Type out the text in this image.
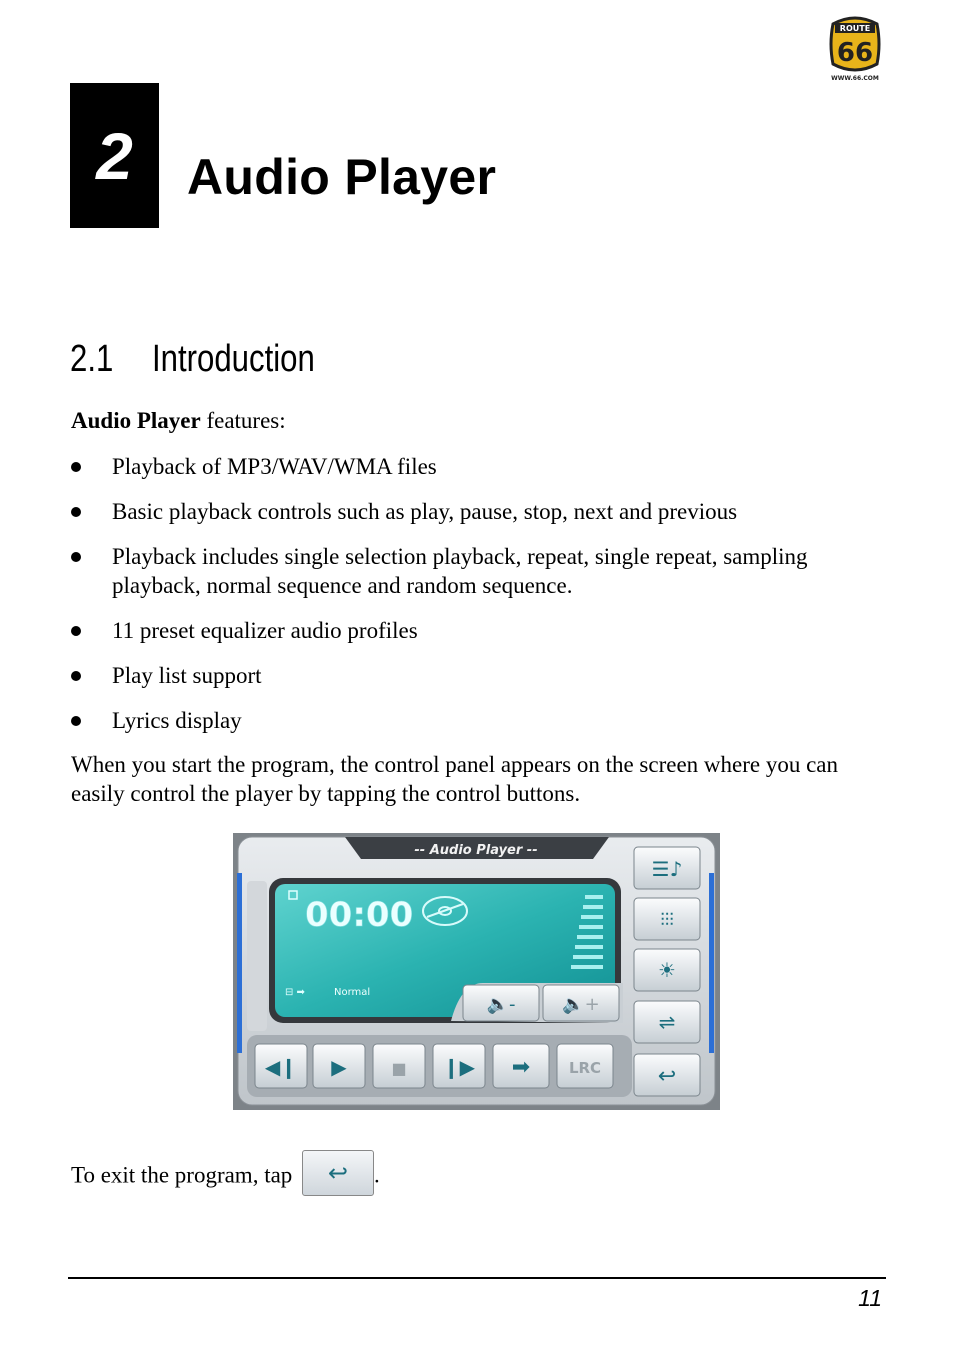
ROUTE
66
WWW.66.COM
2	Audio Player
2.1 Introduction
Audio Player features:
Playback of MP3/WAV/WMA files
Basic playback controls such as play, pause, stop, next and previous
Playback includes single selection playback, repeat, single repeat, sampling playback, normal sequence and random sequence.
11 preset equalizer audio profiles
Play list support
Lyrics display
When you start the program, the control panel appears on the screen where you can easily control the player by tapping the control buttons.
-- Audio Player --
00:00
⊟ ➡	Normal
🔈-	🔈+
◀❙ ▶	■ ❙▶ ➡	LRC
☰♪
⫶⫶⫶
☀
⇌
↩
To exit the program, tap ↩ .
11
